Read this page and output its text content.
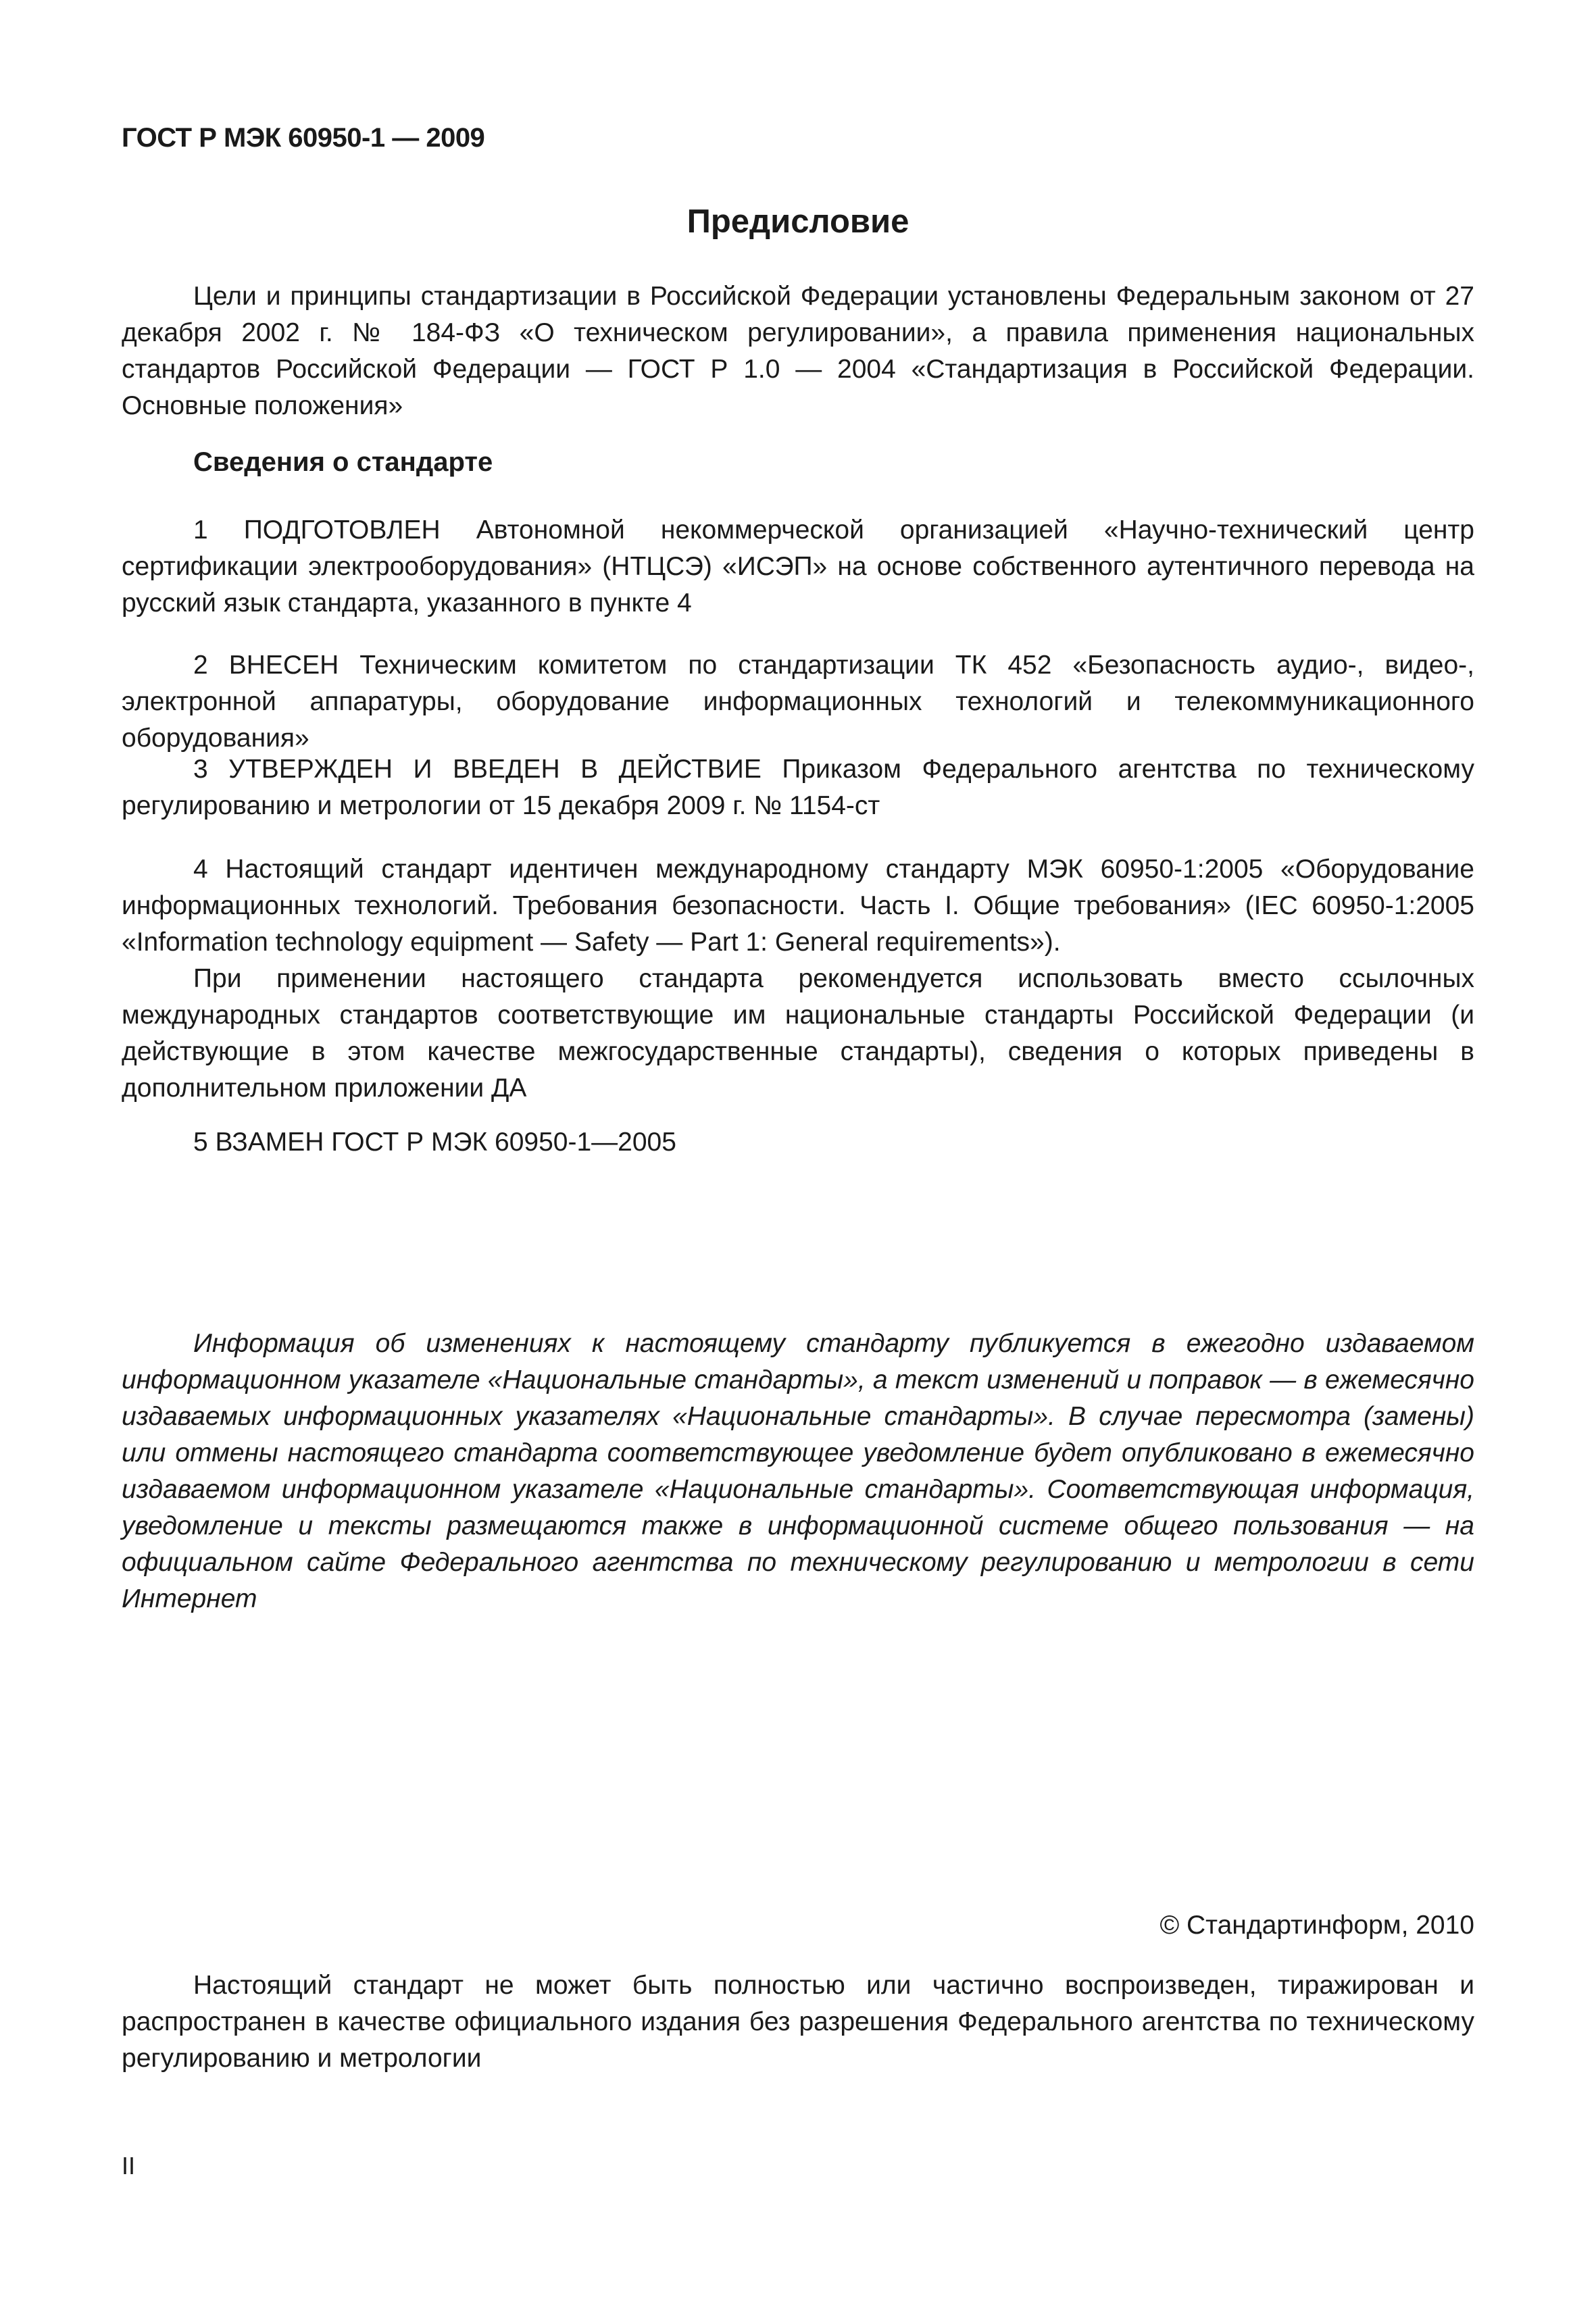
ГОСТ Р МЭК 60950-1 — 2009
Предисловие

Цели и принципы стандартизации в Российской Федерации установлены Федеральным законом от 27 декабря 2002 г. № 184-ФЗ «О техническом регулировании», а правила применения национальных стандартов Российской Федерации — ГОСТ Р 1.0 — 2004 «Стандартизация в Российской Федерации. Основные положения»

Сведения о стандарте

1 ПОДГОТОВЛЕН Автономной некоммерческой организацией «Научно-технический центр сертификации электрооборудования» (НТЦСЭ) «ИСЭП» на основе собственного аутентичного перевода на русский язык стандарта, указанного в пункте 4

2 ВНЕСЕН Техническим комитетом по стандартизации ТК 452 «Безопасность аудио-, видео-, электронной аппаратуры, оборудование информационных технологий и телекоммуникационного оборудования»

3 УТВЕРЖДЕН И ВВЕДЕН В ДЕЙСТВИЕ Приказом Федерального агентства по техническому регулированию и метрологии от 15 декабря 2009 г. № 1154-ст

4 Настоящий стандарт идентичен международному стандарту МЭК 60950-1:2005 «Оборудование информационных технологий. Требования безопасности. Часть I. Общие требования» (IEC 60950-1:2005 «Information technology equipment — Safety — Part 1: General requirements»).

При применении настоящего стандарта рекомендуется использовать вместо ссылочных международных стандартов соответствующие им национальные стандарты Российской Федерации (и действующие в этом качестве межгосударственные стандарты), сведения о которых приведены в дополнительном приложении ДА

5 ВЗАМЕН ГОСТ Р МЭК 60950-1—2005

Информация об изменениях к настоящему стандарту публикуется в ежегодно издаваемом информационном указателе «Национальные стандарты», а текст изменений и поправок — в ежемесячно издаваемых информационных указателях «Национальные стандарты». В случае пересмотра (замены) или отмены настоящего стандарта соответствующее уведомление будет опубликовано в ежемесячно издаваемом информационном указателе «Национальные стандарты». Соответствующая информация, уведомление и тексты размещаются также в информационной системе общего пользования — на официальном сайте Федерального агентства по техническому регулированию и метрологии в сети Интернет

© Стандартинформ, 2010

Настоящий стандарт не может быть полностью или частично воспроизведен, тиражирован и распространен в качестве официального издания без разрешения Федерального агентства по техническому регулированию и метрологии

II
